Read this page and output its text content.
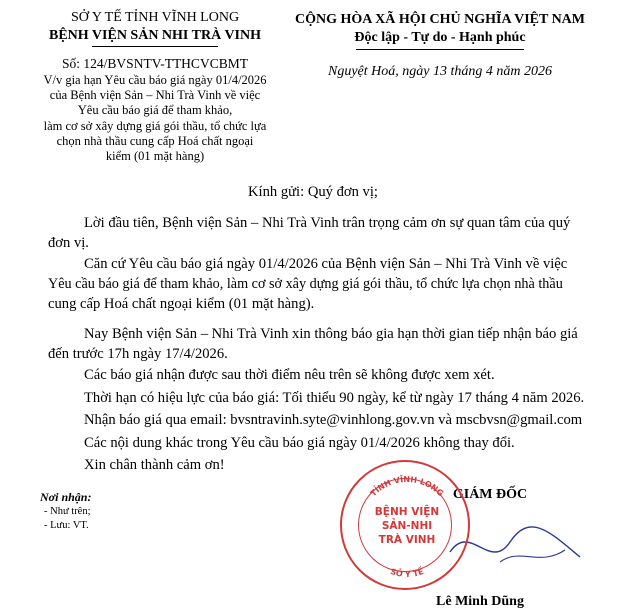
SỞ Y TẾ TỈNH VĨNH LONG
BỆNH VIỆN SẢN NHI TRÀ VINH
Số: 124/BVSNTV-TTHCVCBMT
V/v gia hạn Yêu cầu báo giá ngày 01/4/2026
của Bệnh viện Sản – Nhi Trà Vinh về việc
Yêu cầu báo giá để tham khảo,
làm cơ sở xây dựng giá gói thầu, tổ chức lựa
chọn nhà thầu cung cấp Hoá chất ngoại
kiểm (01 mặt hàng)
CỘNG HÒA XÃ HỘI CHỦ NGHĨA VIỆT NAM
Độc lập - Tự do - Hạnh phúc
Nguyệt Hoá, ngày 13 tháng 4 năm 2026
Kính gửi: Quý đơn vị;
Lời đầu tiên, Bệnh viện Sản – Nhi Trà Vinh trân trọng cảm ơn sự quan tâm của quý
đơn vị.
Căn cứ Yêu cầu báo giá ngày 01/4/2026 của Bệnh viện Sản – Nhi Trà Vinh về việc
Yêu cầu báo giá để tham khảo, làm cơ sở xây dựng giá gói thầu, tổ chức lựa chọn nhà thầu
cung cấp Hoá chất ngoại kiểm (01 mặt hàng).
Nay Bệnh viện Sản – Nhi Trà Vinh xin thông báo gia hạn thời gian tiếp nhận báo giá
đến trước 17h ngày 17/4/2026.
Các báo giá nhận được sau thời điểm nêu trên sẽ không được xem xét.
Thời hạn có hiệu lực của báo giá: Tối thiểu 90 ngày, kể từ ngày 17 tháng 4 năm 2026.
Nhận báo giá qua email: bvsntravinh.syte@vinhlong.gov.vn và mscbvsn@gmail.com
Các nội dung khác trong Yêu cầu báo giá ngày 01/4/2026 không thay đổi.
Xin chân thành cảm ơn!
Nơi nhận:
- Như trên;
- Lưu: VT.
GIÁM ĐỐC
Lê Minh Dũng
TỈNH VĨNH LONG
SỞ Y TẾ
BỆNH VIỆN
SẢN-NHI
TRÀ VINH
